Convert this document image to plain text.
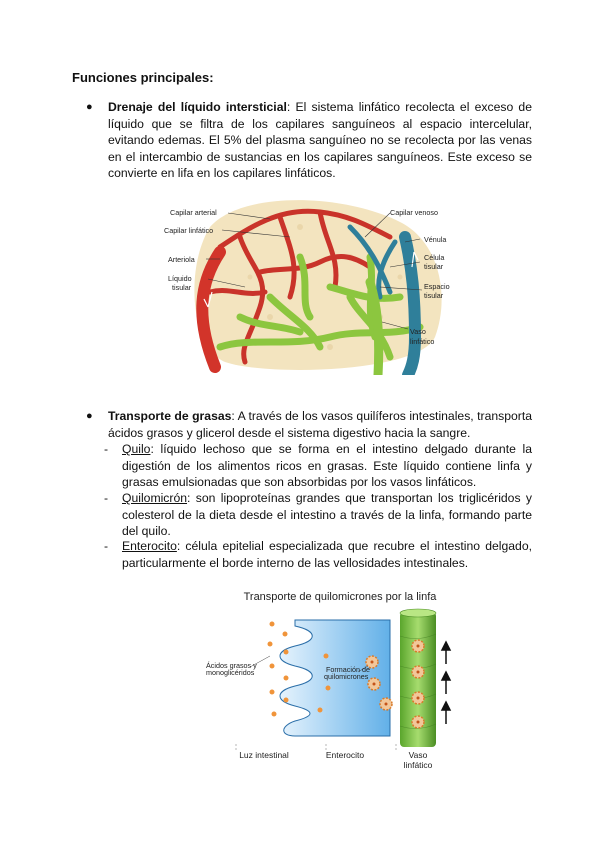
Funciones principales:
● Drenaje del líquido intersticial: El sistema linfático recolecta el exceso de líquido que se filtra de los capilares sanguíneos al espacio intercelular, evitando edemas. El 5% del plasma sanguíneo no se recolecta por las venas en el intercambio de sustancias en los capilares sanguíneos. Este exceso se convierte en lifa en los capilares linfáticos.
Capilar arterial
Capilar linfático
Arteriola
Líquido
tisular
Capilar venoso
Vénula
Célula
tisular
Espacio
tisular
Vaso
linfático
● Transporte de grasas: A través de los vasos quilíferos intestinales, transporta ácidos grasos y glicerol desde el sistema digestivo hacia la sangre.
- Quilo: líquido lechoso que se forma en el intestino delgado durante la digestión de los alimentos ricos en grasas. Este líquido contiene linfa y grasas emulsionadas que son absorbidas por los vasos linfáticos.
- Quilomicrón: son lipoproteínas grandes que transportan los triglicéridos y colesterol de la dieta desde el intestino a través de la linfa, formando parte del quilo.
- Enterocito: célula epitelial especializada que recubre el intestino delgado, particularmente el borde interno de las vellosidades intestinales.
Transporte de quilomicrones por la linfa
Ácidos grasos y
monoglicéridos	Formación de
quilomicrones
Luz intestinal	Enterocito	Vaso
linfático
